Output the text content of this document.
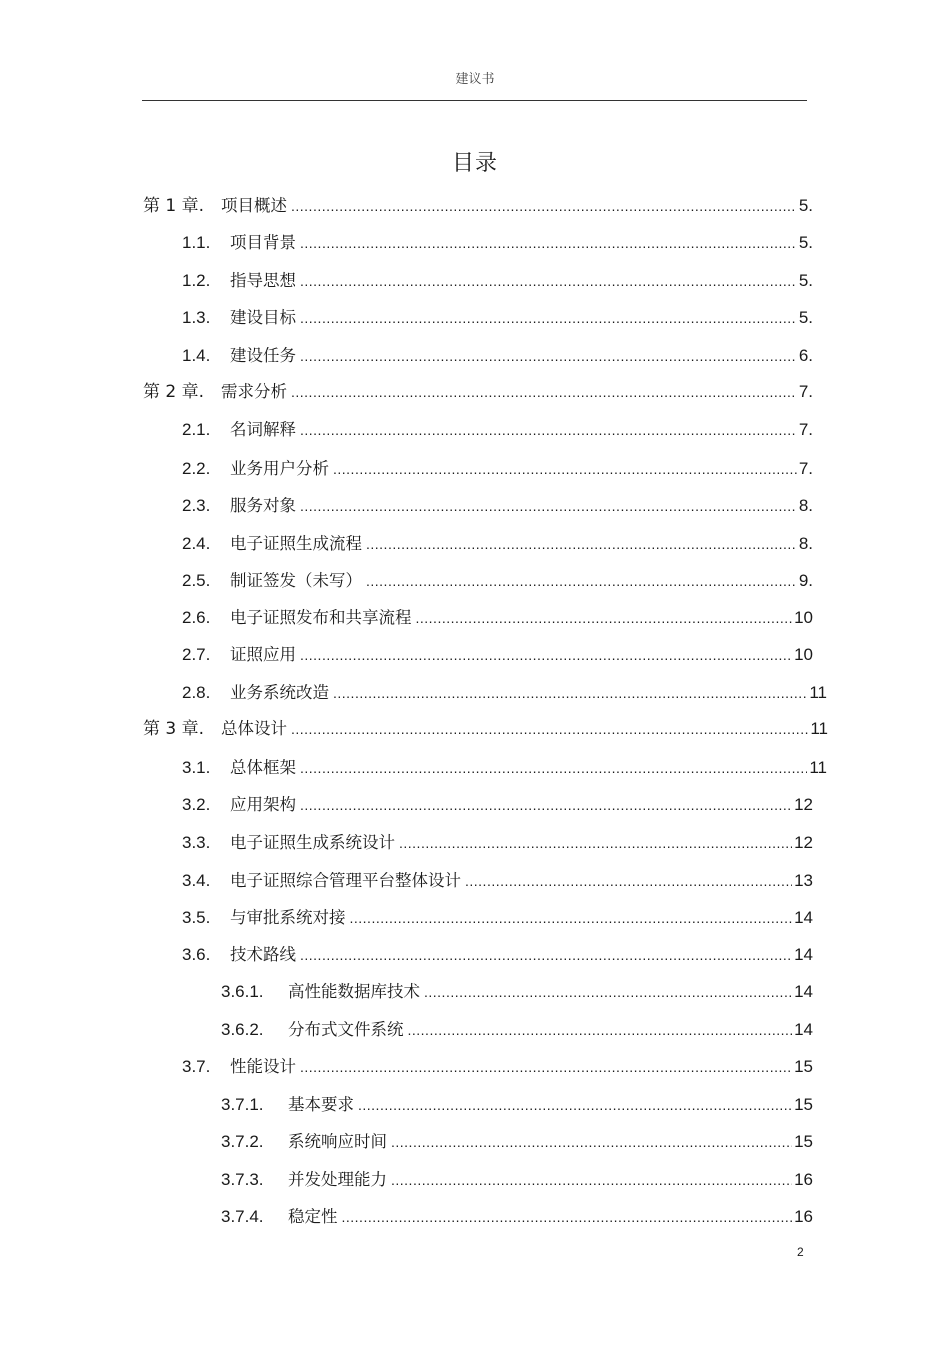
建议书
目录
第 1 章.	项目概述 .....	5.
1.1.	项目背景 .....	5.
1.2.	指导思想 .....	5.
1.3.	建设目标 .....	5.
1.4.	建设任务 .....	6.
第 2 章.	需求分析 .....	7.
2.1.	名词解释 .....	7.
2.2.	业务用户分析 .....	7.
2.3.	服务对象 .....	8.
2.4.	电子证照生成流程 .....	8.
2.5.	制证签发（未写） .....	9.
2.6.	电子证照发布和共享流程 .....	10
2.7.	证照应用 .....	10
2.8.	业务系统改造 .....	11
第 3 章.	总体设计 .....	11
3.1.	总体框架 .....	11
3.2.	应用架构 .....	12
3.3.	电子证照生成系统设计 .....	12
3.4.	电子证照综合管理平台整体设计 .....	13
3.5.	与审批系统对接 .....	14
3.6.	技术路线 .....	14
3.6.1.	高性能数据库技术 .....	14
3.6.2.	分布式文件系统 .....	14
3.7.	性能设计 .....	15
3.7.1.	基本要求 .....	15
3.7.2.	系统响应时间 .....	15
3.7.3.	并发处理能力 .....	16
3.7.4.	稳定性 .....	16
2
